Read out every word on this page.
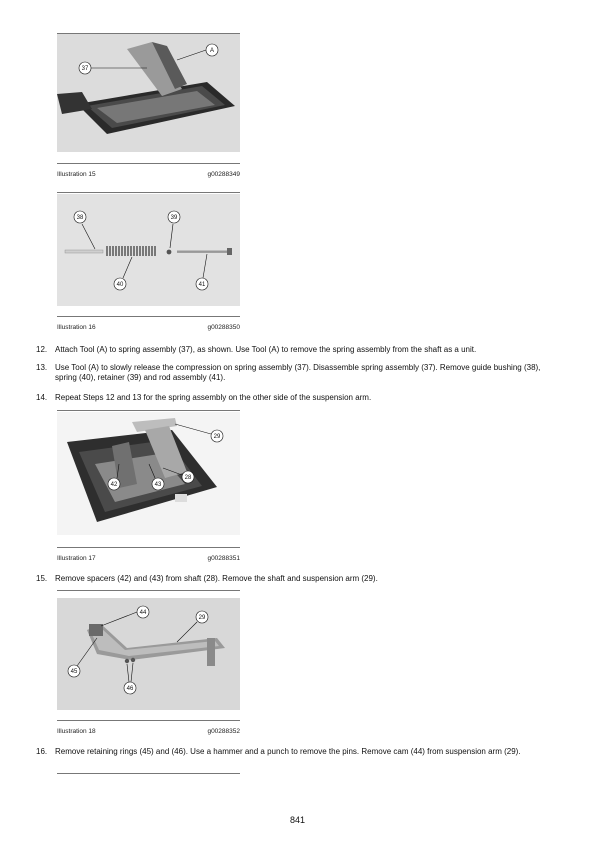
37
A
Illustration 15	g00288349
38	39
40	41
Illustration 16	g00288350
12. Attach Tool (A) to spring assembly (37), as shown. Use Tool (A) to remove the spring assembly from the shaft as a unit.
13. Use Tool (A) to slowly release the compression on spring assembly (37). Disassemble spring assembly (37). Remove guide bushing (38), spring (40), retainer (39) and rod assembly (41).
14. Repeat Steps 12 and 13 for the spring assembly on the other side of the suspension arm.
29
28
42	43
Illustration 17	g00288351
15. Remove spacers (42) and (43) from shaft (28). Remove the shaft and suspension arm (29).
44
29
45
46
Illustration 18	g00288352
16. Remove retaining rings (45) and (46). Use a hammer and a punch to remove the pins. Remove cam (44) from suspension arm (29).
841
